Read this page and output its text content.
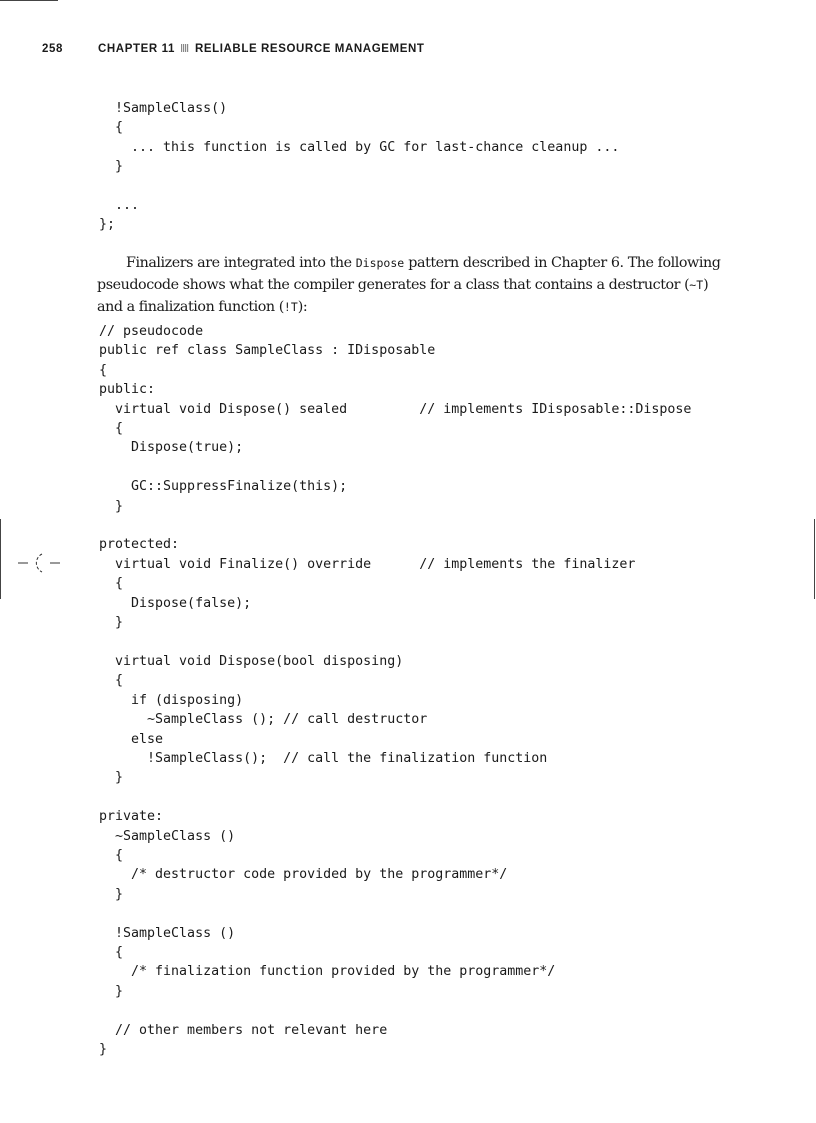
258	CHAPTER 11 RELIABLE RESOURCE MANAGEMENT
!SampleClass()
{
... this function is called by GC for last-chance cleanup ...
}

...
};

Finalizers are integrated into the Dispose pattern described in Chapter 6. The following pseudocode shows what the compiler generates for a class that contains a destructor (~T) and a finalization function (!T):

// pseudocode
public ref class SampleClass : IDisposable
{
public:
virtual void Dispose() sealed         // implements IDisposable::Dispose
{
Dispose(true);

GC::SuppressFinalize(this);
}

protected:
virtual void Finalize() override      // implements the finalizer
{
Dispose(false);
}

virtual void Dispose(bool disposing)
{
if (disposing)
~SampleClass (); // call destructor
else
!SampleClass();  // call the finalization function
}

private:
~SampleClass ()
{
/* destructor code provided by the programmer*/
}

!SampleClass ()
{
/* finalization function provided by the programmer*/
}

// other members not relevant here
}
